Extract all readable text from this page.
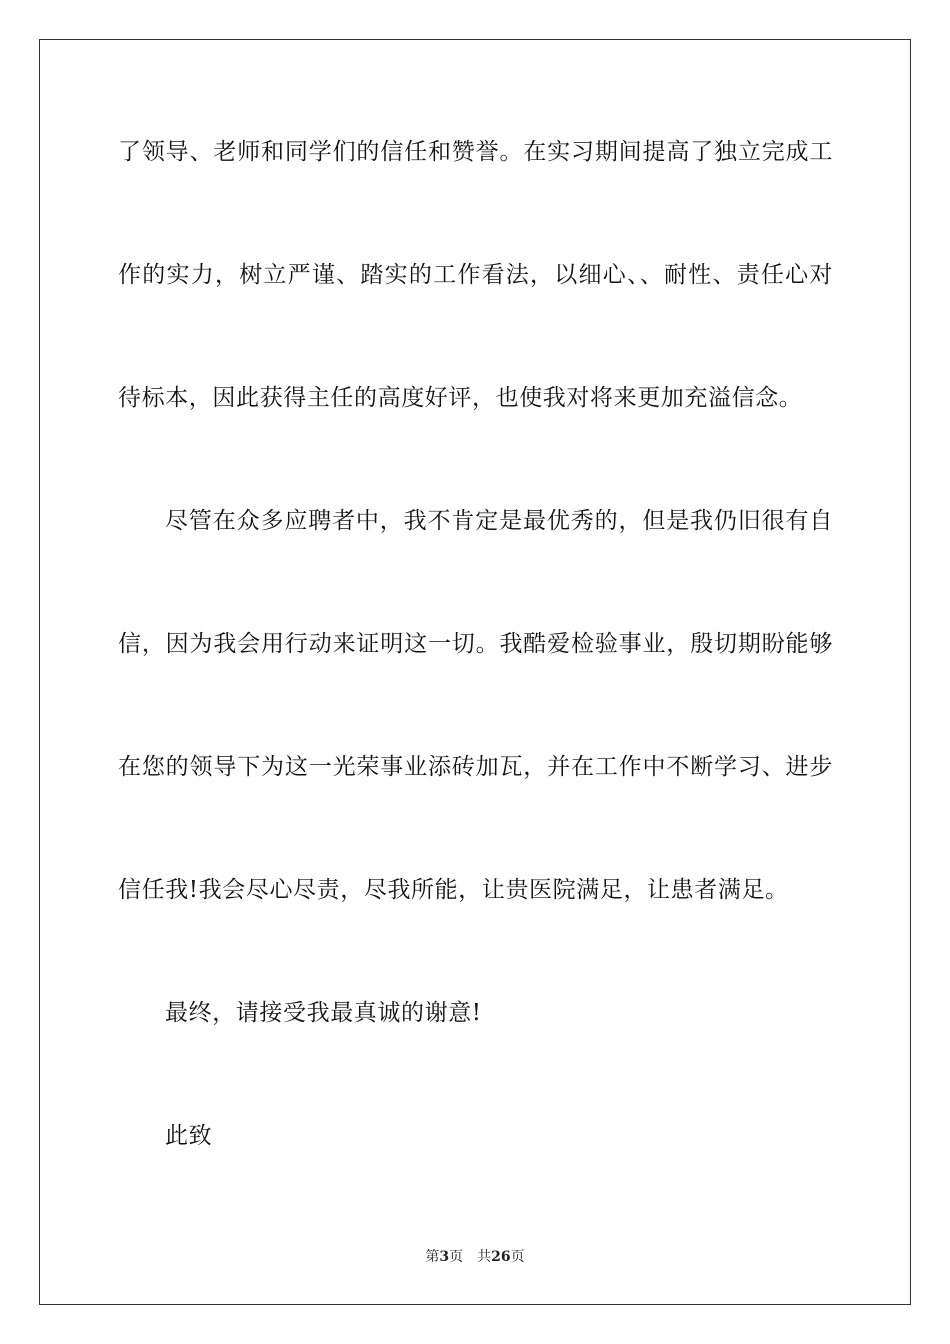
了领导、老师和同学们的信任和赞誉。在实习期间提高了独立完成工
作的实力，树立严谨、踏实的工作看法，以细心、、耐性、责任心对
待标本，因此获得主任的高度好评，也使我对将来更加充溢信念。
尽管在众多应聘者中，我不肯定是最优秀的，但是我仍旧很有自
信，因为我会用行动来证明这一切。我酷爱检验事业，殷切期盼能够
在您的领导下为这一光荣事业添砖加瓦，并在工作中不断学习、进步
信任我!我会尽心尽责，尽我所能，让贵医院满足，让患者满足。
最终，请接受我最真诚的谢意!
此致
第3页 共26页
